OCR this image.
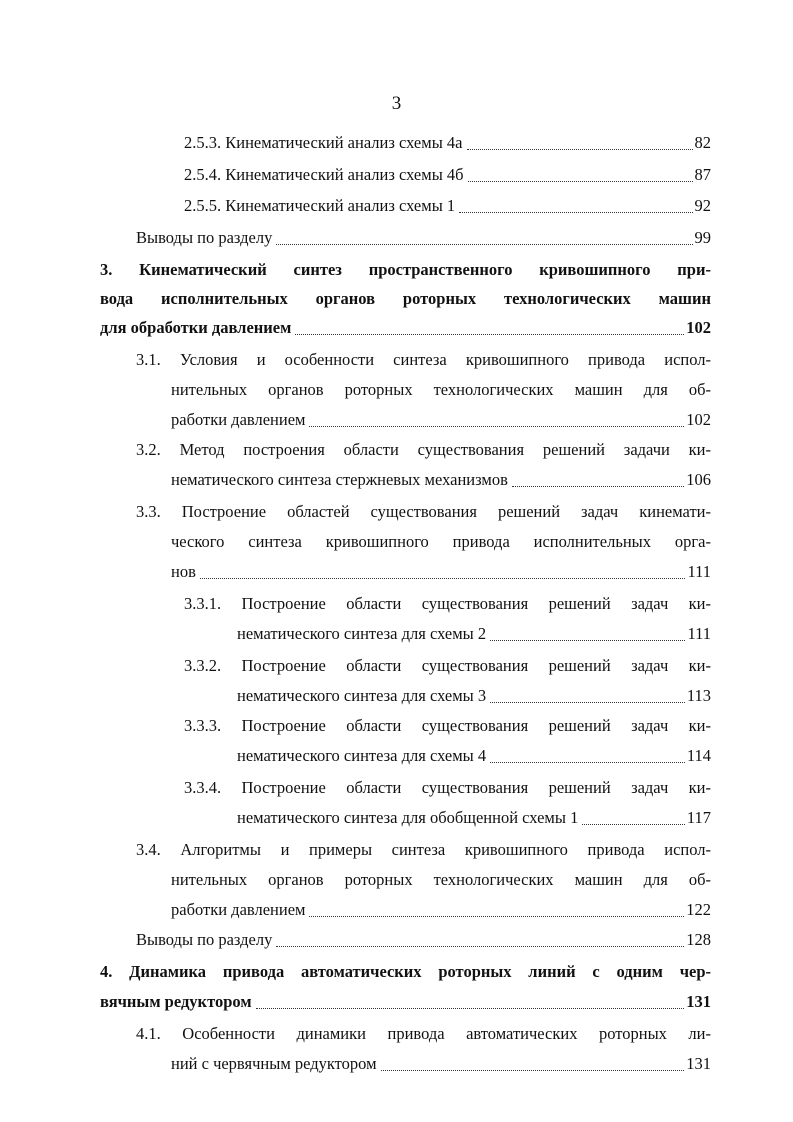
3
2.5.3. Кинематический анализ схемы 4а	82
2.5.4. Кинематический анализ схемы 4б	87
2.5.5. Кинематический анализ схемы 1	92
Выводы по разделу	99
3. Кинематический синтез пространственного кривошипного при-
вода исполнительных органов роторных технологических машин
для обработки давлением	102
3.1. Условия и особенности синтеза кривошипного привода испол-
нительных органов роторных технологических машин для об-
работки давлением	102
3.2. Метод построения области существования решений задачи ки-
нематического синтеза стержневых механизмов	106
3.3. Построение областей существования решений задач кинемати-
ческого синтеза кривошипного привода исполнительных орга-
нов	111
3.3.1. Построение области существования решений задач ки-
нематического синтеза для схемы 2	111
3.3.2. Построение области существования решений задач ки-
нематического синтеза для схемы 3	113
3.3.3. Построение области существования решений задач ки-
нематического синтеза для схемы 4	114
3.3.4. Построение области существования решений задач ки-
нематического синтеза для обобщенной схемы 1	117
3.4. Алгоритмы и примеры синтеза кривошипного привода испол-
нительных органов роторных технологических машин для об-
работки давлением	122
Выводы по разделу	128
4. Динамика привода автоматических роторных линий с одним чер-
вячным редуктором	131
4.1. Особенности динамики привода автоматических роторных ли-
ний с червячным редуктором	131
